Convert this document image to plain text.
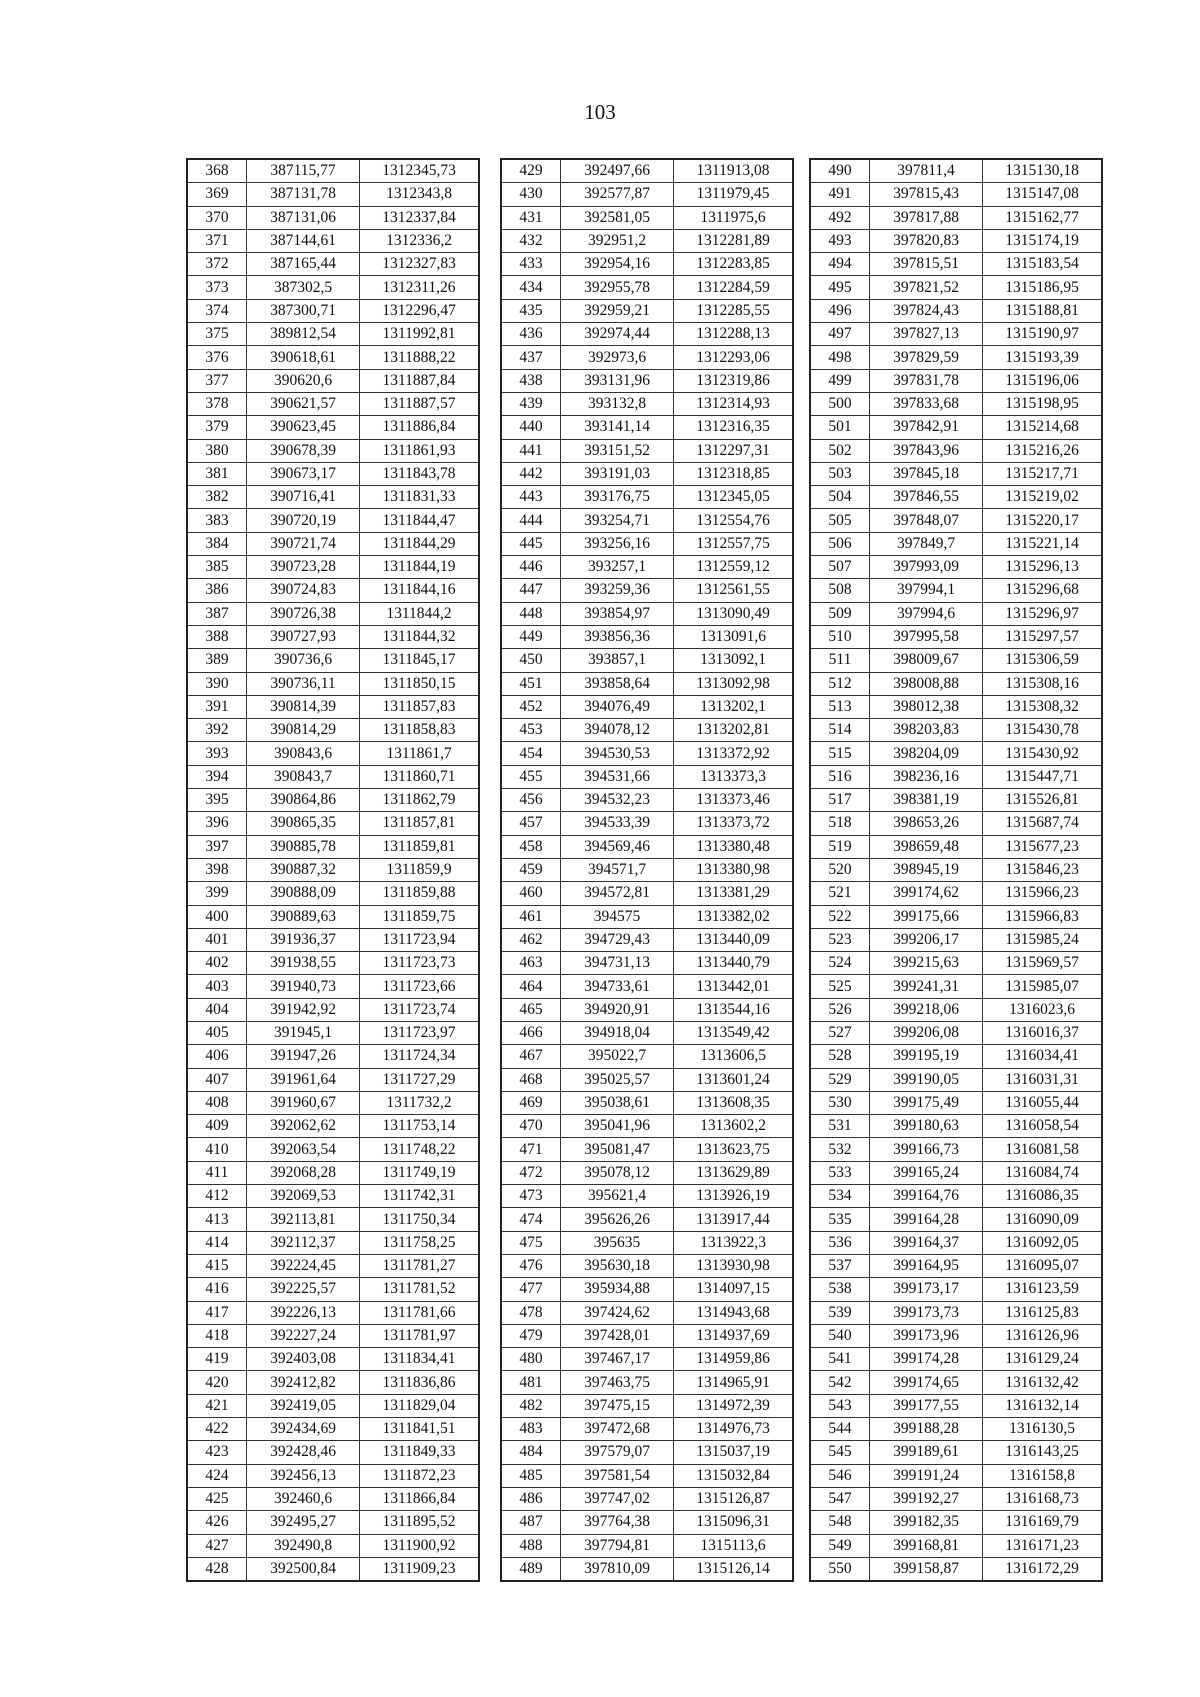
103
368	387115,77	1312345,73
369	387131,78	1312343,8
370	387131,06	1312337,84
371	387144,61	1312336,2
372	387165,44	1312327,83
373	387302,5	1312311,26
374	387300,71	1312296,47
375	389812,54	1311992,81
376	390618,61	1311888,22
377	390620,6	1311887,84
378	390621,57	1311887,57
379	390623,45	1311886,84
380	390678,39	1311861,93
381	390673,17	1311843,78
382	390716,41	1311831,33
383	390720,19	1311844,47
384	390721,74	1311844,29
385	390723,28	1311844,19
386	390724,83	1311844,16
387	390726,38	1311844,2
388	390727,93	1311844,32
389	390736,6	1311845,17
390	390736,11	1311850,15
391	390814,39	1311857,83
392	390814,29	1311858,83
393	390843,6	1311861,7
394	390843,7	1311860,71
395	390864,86	1311862,79
396	390865,35	1311857,81
397	390885,78	1311859,81
398	390887,32	1311859,9
399	390888,09	1311859,88
400	390889,63	1311859,75
401	391936,37	1311723,94
402	391938,55	1311723,73
403	391940,73	1311723,66
404	391942,92	1311723,74
405	391945,1	1311723,97
406	391947,26	1311724,34
407	391961,64	1311727,29
408	391960,67	1311732,2
409	392062,62	1311753,14
410	392063,54	1311748,22
411	392068,28	1311749,19
412	392069,53	1311742,31
413	392113,81	1311750,34
414	392112,37	1311758,25
415	392224,45	1311781,27
416	392225,57	1311781,52
417	392226,13	1311781,66
418	392227,24	1311781,97
419	392403,08	1311834,41
420	392412,82	1311836,86
421	392419,05	1311829,04
422	392434,69	1311841,51
423	392428,46	1311849,33
424	392456,13	1311872,23
425	392460,6	1311866,84
426	392495,27	1311895,52
427	392490,8	1311900,92
428	392500,84	1311909,23
429	392497,66	1311913,08
430	392577,87	1311979,45
431	392581,05	1311975,6
432	392951,2	1312281,89
433	392954,16	1312283,85
434	392955,78	1312284,59
435	392959,21	1312285,55
436	392974,44	1312288,13
437	392973,6	1312293,06
438	393131,96	1312319,86
439	393132,8	1312314,93
440	393141,14	1312316,35
441	393151,52	1312297,31
442	393191,03	1312318,85
443	393176,75	1312345,05
444	393254,71	1312554,76
445	393256,16	1312557,75
446	393257,1	1312559,12
447	393259,36	1312561,55
448	393854,97	1313090,49
449	393856,36	1313091,6
450	393857,1	1313092,1
451	393858,64	1313092,98
452	394076,49	1313202,1
453	394078,12	1313202,81
454	394530,53	1313372,92
455	394531,66	1313373,3
456	394532,23	1313373,46
457	394533,39	1313373,72
458	394569,46	1313380,48
459	394571,7	1313380,98
460	394572,81	1313381,29
461	394575	1313382,02
462	394729,43	1313440,09
463	394731,13	1313440,79
464	394733,61	1313442,01
465	394920,91	1313544,16
466	394918,04	1313549,42
467	395022,7	1313606,5
468	395025,57	1313601,24
469	395038,61	1313608,35
470	395041,96	1313602,2
471	395081,47	1313623,75
472	395078,12	1313629,89
473	395621,4	1313926,19
474	395626,26	1313917,44
475	395635	1313922,3
476	395630,18	1313930,98
477	395934,88	1314097,15
478	397424,62	1314943,68
479	397428,01	1314937,69
480	397467,17	1314959,86
481	397463,75	1314965,91
482	397475,15	1314972,39
483	397472,68	1314976,73
484	397579,07	1315037,19
485	397581,54	1315032,84
486	397747,02	1315126,87
487	397764,38	1315096,31
488	397794,81	1315113,6
489	397810,09	1315126,14
490	397811,4	1315130,18
491	397815,43	1315147,08
492	397817,88	1315162,77
493	397820,83	1315174,19
494	397815,51	1315183,54
495	397821,52	1315186,95
496	397824,43	1315188,81
497	397827,13	1315190,97
498	397829,59	1315193,39
499	397831,78	1315196,06
500	397833,68	1315198,95
501	397842,91	1315214,68
502	397843,96	1315216,26
503	397845,18	1315217,71
504	397846,55	1315219,02
505	397848,07	1315220,17
506	397849,7	1315221,14
507	397993,09	1315296,13
508	397994,1	1315296,68
509	397994,6	1315296,97
510	397995,58	1315297,57
511	398009,67	1315306,59
512	398008,88	1315308,16
513	398012,38	1315308,32
514	398203,83	1315430,78
515	398204,09	1315430,92
516	398236,16	1315447,71
517	398381,19	1315526,81
518	398653,26	1315687,74
519	398659,48	1315677,23
520	398945,19	1315846,23
521	399174,62	1315966,23
522	399175,66	1315966,83
523	399206,17	1315985,24
524	399215,63	1315969,57
525	399241,31	1315985,07
526	399218,06	1316023,6
527	399206,08	1316016,37
528	399195,19	1316034,41
529	399190,05	1316031,31
530	399175,49	1316055,44
531	399180,63	1316058,54
532	399166,73	1316081,58
533	399165,24	1316084,74
534	399164,76	1316086,35
535	399164,28	1316090,09
536	399164,37	1316092,05
537	399164,95	1316095,07
538	399173,17	1316123,59
539	399173,73	1316125,83
540	399173,96	1316126,96
541	399174,28	1316129,24
542	399174,65	1316132,42
543	399177,55	1316132,14
544	399188,28	1316130,5
545	399189,61	1316143,25
546	399191,24	1316158,8
547	399192,27	1316168,73
548	399182,35	1316169,79
549	399168,81	1316171,23
550	399158,87	1316172,29
